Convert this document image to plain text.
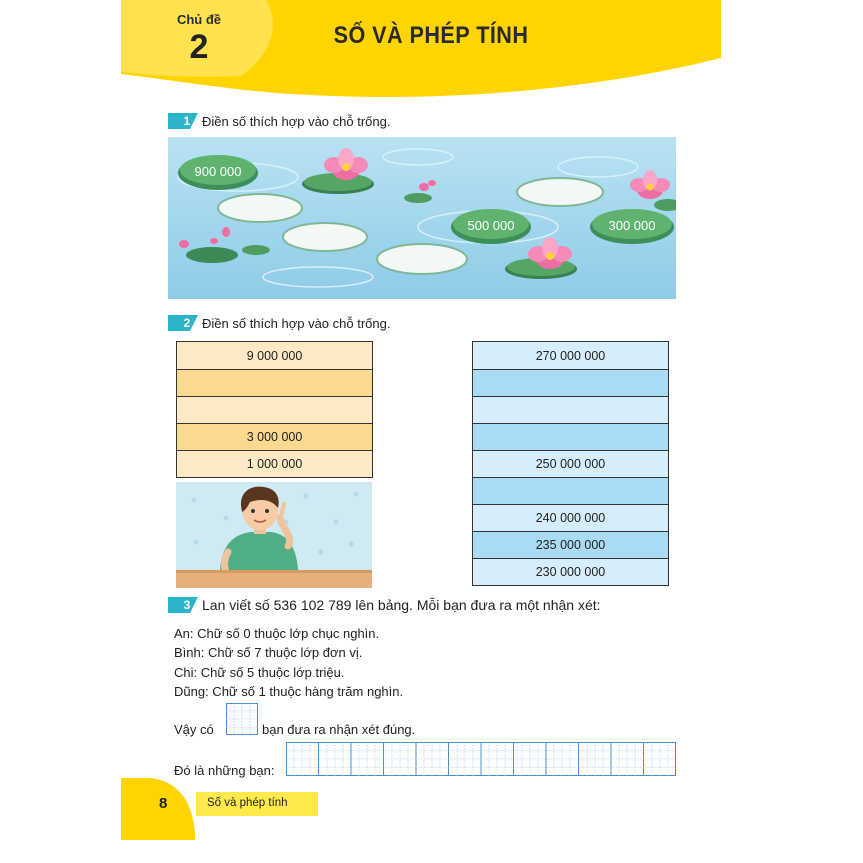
Chủ đề
2	SỐ VÀ PHÉP TÍNH
1 Điền số thích hợp vào chỗ trống.
900 000
500 000	300 000
2 Điền số thích hợp vào chỗ trống.
9 000 000
3 000 000
1 000 000
270 000 000
250 000 000
240 000 000
235 000 000
230 000 000
3 Lan viết số 536 102 789 lên bảng. Mỗi bạn đưa ra một nhận xét:
An: Chữ số 0 thuộc lớp chục nghìn.
Bình: Chữ số 7 thuộc lớp đơn vị.
Chi: Chữ số 5 thuộc lớp triệu.
Dũng: Chữ số 1 thuộc hàng trăm nghìn.
Vậy có	bạn đưa ra nhận xét đúng.
Đó là những bạn:
8	Số và phép tính
